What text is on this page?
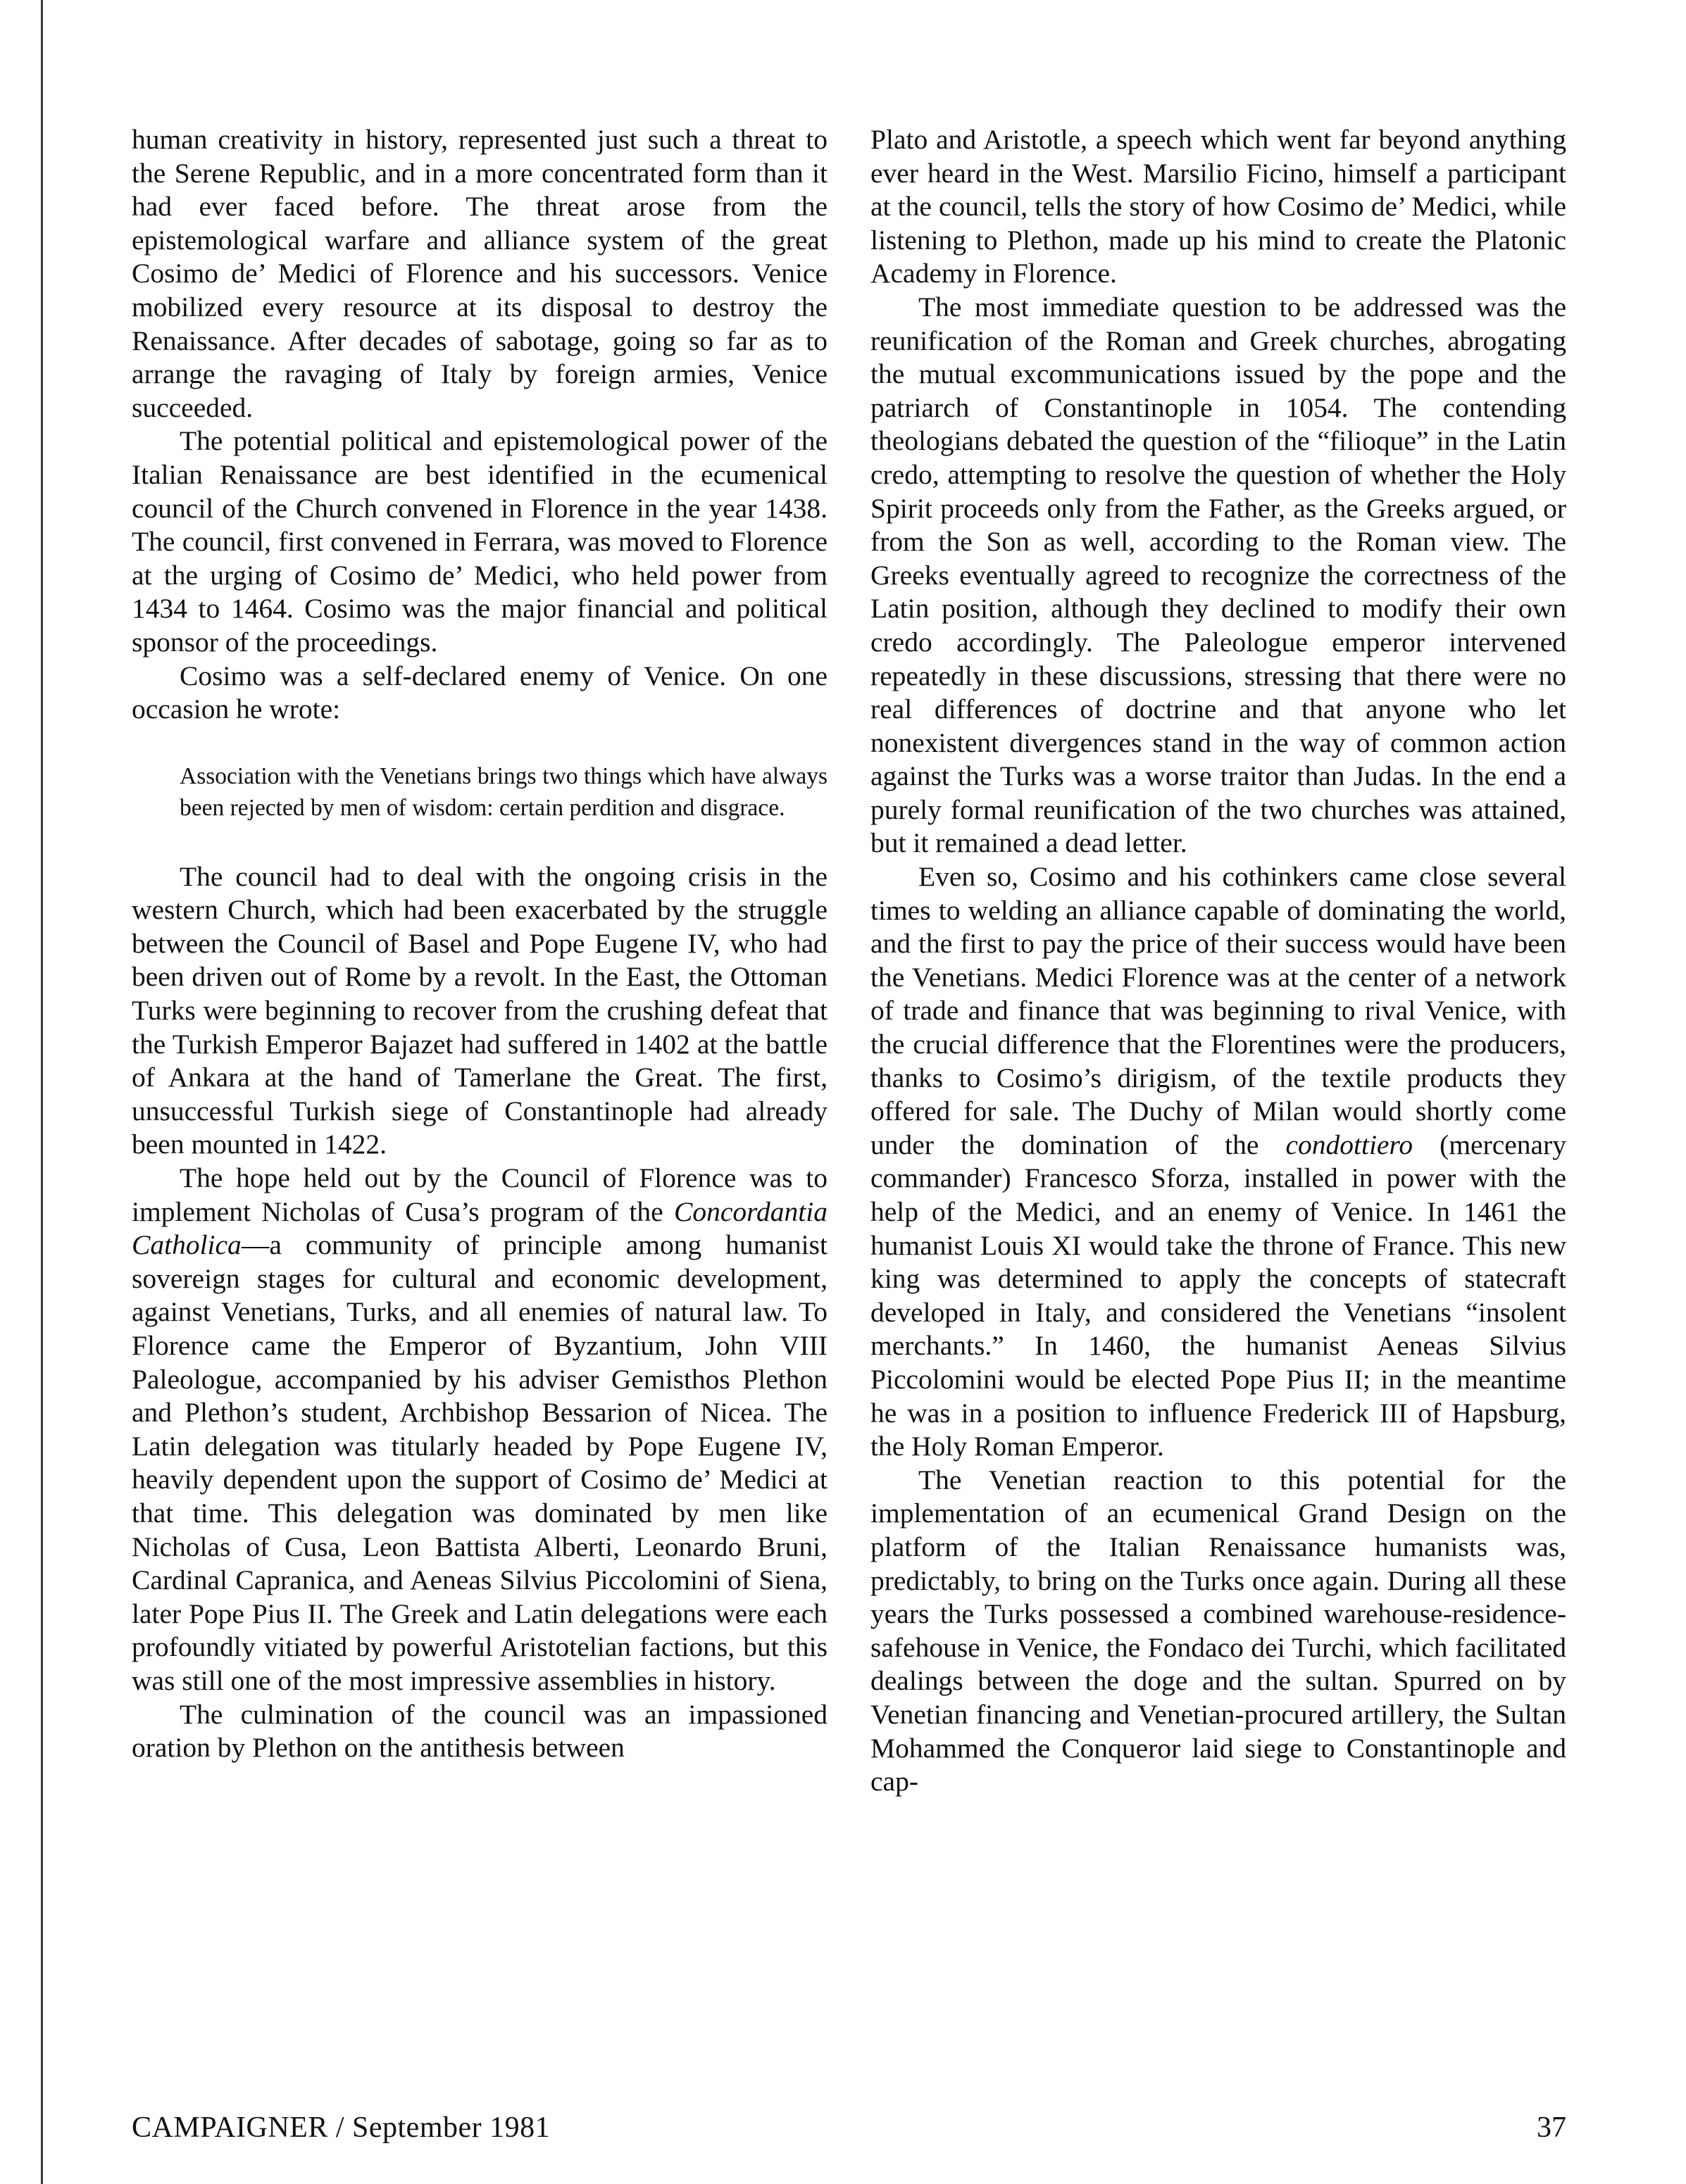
human creativity in history, represented just such a threat to the Serene Republic, and in a more concentrated form than it had ever faced before. The threat arose from the epistemological warfare and alliance system of the great Cosimo de’ Medici of Florence and his successors. Venice mobilized every resource at its disposal to destroy the Renaissance. After decades of sabotage, going so far as to arrange the ravaging of Italy by foreign armies, Venice succeeded.

The potential political and epistemological power of the Italian Renaissance are best identified in the ecumenical council of the Church convened in Florence in the year 1438. The council, first convened in Ferrara, was moved to Florence at the urging of Cosimo de’ Medici, who held power from 1434 to 1464. Cosimo was the major financial and political sponsor of the proceedings.

Cosimo was a self-declared enemy of Venice. On one occasion he wrote:

Association with the Venetians brings two things which have always been rejected by men of wisdom: certain perdition and disgrace.

The council had to deal with the ongoing crisis in the western Church, which had been exacerbated by the struggle between the Council of Basel and Pope Eugene IV, who had been driven out of Rome by a revolt. In the East, the Ottoman Turks were beginning to recover from the crushing defeat that the Turkish Emperor Bajazet had suffered in 1402 at the battle of Ankara at the hand of Tamerlane the Great. The first, unsuccessful Turkish siege of Constantinople had already been mounted in 1422.

The hope held out by the Council of Florence was to implement Nicholas of Cusa’s program of the Concordantia Catholica—a community of principle among humanist sovereign stages for cultural and economic development, against Venetians, Turks, and all enemies of natural law. To Florence came the Emperor of Byzantium, John VIII Paleologue, accompanied by his adviser Gemisthos Plethon and Plethon’s student, Archbishop Bessarion of Nicea. The Latin delegation was titularly headed by Pope Eugene IV, heavily dependent upon the support of Cosimo de’ Medici at that time. This delegation was dominated by men like Nicholas of Cusa, Leon Battista Alberti, Leonardo Bruni, Cardinal Capranica, and Aeneas Silvius Piccolomini of Siena, later Pope Pius II. The Greek and Latin delegations were each profoundly vitiated by powerful Aristotelian factions, but this was still one of the most impressive assemblies in history.

The culmination of the council was an impassioned oration by Plethon on the antithesis between

Plato and Aristotle, a speech which went far beyond anything ever heard in the West. Marsilio Ficino, himself a participant at the council, tells the story of how Cosimo de’ Medici, while listening to Plethon, made up his mind to create the Platonic Academy in Florence.

The most immediate question to be addressed was the reunification of the Roman and Greek churches, abrogating the mutual excommunications issued by the pope and the patriarch of Constantinople in 1054. The contending theologians debated the question of the “filioque” in the Latin credo, attempting to resolve the question of whether the Holy Spirit proceeds only from the Father, as the Greeks argued, or from the Son as well, according to the Roman view. The Greeks eventually agreed to recognize the correctness of the Latin position, although they declined to modify their own credo accordingly. The Paleologue emperor intervened repeatedly in these discussions, stressing that there were no real differences of doctrine and that anyone who let nonexistent divergences stand in the way of common action against the Turks was a worse traitor than Judas. In the end a purely formal reunification of the two churches was attained, but it remained a dead letter.

Even so, Cosimo and his cothinkers came close several times to welding an alliance capable of dominating the world, and the first to pay the price of their success would have been the Venetians. Medici Florence was at the center of a network of trade and finance that was beginning to rival Venice, with the crucial difference that the Florentines were the producers, thanks to Cosimo’s dirigism, of the textile products they offered for sale. The Duchy of Milan would shortly come under the domination of the condottiero (mercenary commander) Francesco Sforza, installed in power with the help of the Medici, and an enemy of Venice. In 1461 the humanist Louis XI would take the throne of France. This new king was determined to apply the concepts of statecraft developed in Italy, and considered the Venetians “insolent merchants.” In 1460, the humanist Aeneas Silvius Piccolomini would be elected Pope Pius II; in the meantime he was in a position to influence Frederick III of Hapsburg, the Holy Roman Emperor.

The Venetian reaction to this potential for the implementation of an ecumenical Grand Design on the platform of the Italian Renaissance humanists was, predictably, to bring on the Turks once again. During all these years the Turks possessed a combined warehouse-residence-safehouse in Venice, the Fondaco dei Turchi, which facilitated dealings between the doge and the sultan. Spurred on by Venetian financing and Venetian-procured artillery, the Sultan Mohammed the Conqueror laid siege to Constantinople and cap-

CAMPAIGNER / September 1981	37
